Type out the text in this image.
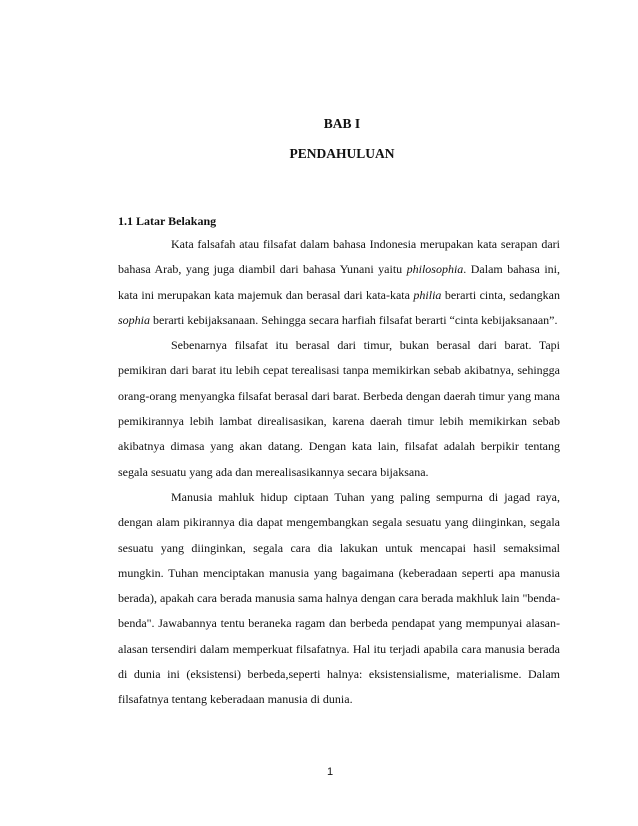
BAB I
PENDAHULUAN
1.1 Latar Belakang

Kata falsafah atau filsafat dalam bahasa Indonesia merupakan kata serapan dari bahasa Arab, yang juga diambil dari bahasa Yunani yaitu philosophia. Dalam bahasa ini, kata ini merupakan kata majemuk dan berasal dari kata-kata philia berarti cinta, sedangkan sophia berarti kebijaksanaan. Sehingga secara harfiah filsafat berarti “cinta kebijaksanaan”.

Sebenarnya filsafat itu berasal dari timur, bukan berasal dari barat. Tapi pemikiran dari barat itu lebih cepat terealisasi tanpa memikirkan sebab akibatnya, sehingga orang-orang menyangka filsafat berasal dari barat. Berbeda dengan daerah timur yang mana pemikirannya lebih lambat direalisasikan, karena daerah timur lebih memikirkan sebab akibatnya dimasa yang akan datang. Dengan kata lain, filsafat adalah berpikir tentang segala sesuatu yang ada dan merealisasikannya secara bijaksana.

Manusia mahluk hidup ciptaan Tuhan yang paling sempurna di jagad raya, dengan alam pikirannya dia dapat mengembangkan segala sesuatu yang diinginkan, segala sesuatu yang diinginkan, segala cara dia lakukan untuk mencapai hasil semaksimal mungkin. Tuhan menciptakan manusia yang bagaimana (keberadaan seperti apa manusia berada), apakah cara berada manusia sama halnya dengan cara berada makhluk lain "benda-benda". Jawabannya tentu beraneka ragam dan berbeda pendapat yang mempunyai alasan-alasan tersendiri dalam memperkuat filsafatnya. Hal itu terjadi apabila cara manusia berada di dunia ini (eksistensi) berbeda,seperti halnya: eksistensialisme, materialisme. Dalam filsafatnya tentang keberadaan manusia di dunia.

1
